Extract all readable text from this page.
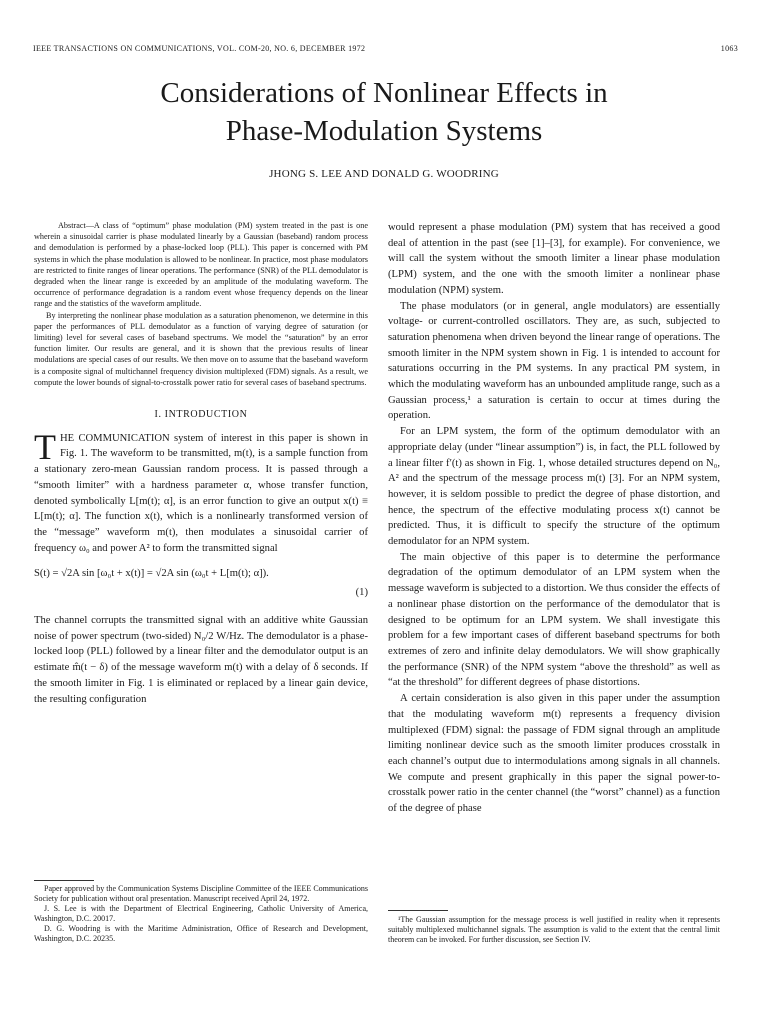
IEEE TRANSACTIONS ON COMMUNICATIONS, VOL. COM-20, NO. 6, DECEMBER 1972	1063
Considerations of Nonlinear Effects in
Phase-Modulation Systems
JHONG S. LEE AND DONALD G. WOODRING

Abstract—A class of “optimum” phase modulation (PM) system treated in the past is one wherein a sinusoidal carrier is phase modulated linearly by a Gaussian (baseband) random process and demodulation is performed by a phase-locked loop (PLL). This paper is concerned with PM systems in which the phase modulation is allowed to be nonlinear. In practice, most phase modulators are restricted to finite ranges of linear operations. The performance (SNR) of the PLL demodulator is degraded when the linear range is exceeded by an amplitude of the modulating waveform. The occurrence of performance degradation is a random event whose frequency depends on the linear range and the statistics of the waveform amplitude.

By interpreting the nonlinear phase modulation as a saturation phenomenon, we determine in this paper the performances of PLL demodulator as a function of varying degree of saturation (or limiting) level for several cases of baseband spectrums. We model the “saturation” by an error function limiter. Our results are general, and it is shown that the previous results of linear modulations are special cases of our results. We then move on to assume that the baseband waveform is a composite signal of multichannel frequency division multiplexed (FDM) signals. As a result, we compute the lower bounds of signal-to-crosstalk power ratio for several cases of baseband spectrums.

I. INTRODUCTION

T HE COMMUNICATION system of interest in this paper is shown in Fig. 1. The waveform to be transmitted, m(t), is a sample function from a stationary zero-mean Gaussian random process. It is passed through a “smooth limiter” with a hardness parameter α, whose transfer function, denoted symbolically L[m(t); α], is an error function to give an output x(t) ≡ L[m(t); α]. The function x(t), which is a nonlinearly transformed version of the “message” waveform m(t), then modulates a sinusoidal carrier of frequency ω₀ and power A² to form the transmitted signal

S(t) = √2A sin [ω₀t + x(t)] = √2A sin (ω₀t + L[m(t); α]).
(1)

The channel corrupts the transmitted signal with an additive white Gaussian noise of power spectrum (two-sided) N₀/2 W/Hz. The demodulator is a phase-locked loop (PLL) followed by a linear filter and the demodulator output is an estimate m̂(t − δ) of the message waveform m(t) with a delay of δ seconds. If the smooth limiter in Fig. 1 is eliminated or replaced by a linear gain device, the resulting configuration

would represent a phase modulation (PM) system that has received a good deal of attention in the past (see [1]–[3], for example). For convenience, we will call the system without the smooth limiter a linear phase modulation (LPM) system, and the one with the smooth limiter a nonlinear phase modulation (NPM) system.

The phase modulators (or in general, angle modulators) are essentially voltage- or current-controlled oscillators. They are, as such, subjected to saturation phenomena when driven beyond the linear range of operations. The smooth limiter in the NPM system shown in Fig. 1 is intended to account for saturations occurring in the PM systems. In any practical PM system, in which the modulating waveform has an unbounded amplitude range, such as a Gaussian process,¹ a saturation is certain to occur at times during the operation.

For an LPM system, the form of the optimum demodulator with an appropriate delay (under “linear assumption”) is, in fact, the PLL followed by a linear filter f′(t) as shown in Fig. 1, whose detailed structures depend on N₀, A² and the spectrum of the message process m(t) [3]. For an NPM system, however, it is seldom possible to predict the degree of phase distortion, and hence, the spectrum of the effective modulating process x(t) cannot be predicted. Thus, it is difficult to specify the structure of the optimum demodulator for an NPM system.

The main objective of this paper is to determine the performance degradation of the optimum demodulator of an LPM system when the message waveform is subjected to a distortion. We thus consider the effects of a nonlinear phase distortion on the performance of the demodulator that is designed to be optimum for an LPM system. We shall investigate this problem for a few important cases of different baseband spectrums for both extremes of zero and infinite delay demodulators. We will show graphically the performance (SNR) of the NPM system “above the threshold” as well as “at the threshold” for different degrees of phase distortions.

A certain consideration is also given in this paper under the assumption that the modulating waveform m(t) represents a frequency division multiplexed (FDM) signal: the passage of FDM signal through an amplitude limiting nonlinear device such as the smooth limiter produces crosstalk in each channel’s output due to intermodulations among signals in all channels. We compute and present graphically in this paper the signal power-to-crosstalk power ratio in the center channel (the “worst” channel) as a function of the degree of phase

Paper approved by the Communication Systems Discipline Committee of the IEEE Communications Society for publication without oral presentation. Manuscript received April 24, 1972.

J. S. Lee is with the Department of Electrical Engineering, Catholic University of America, Washington, D.C. 20017.

D. G. Woodring is with the Maritime Administration, Office of Research and Development, Washington, D.C. 20235.

¹The Gaussian assumption for the message process is well justified in reality when it represents suitably multiplexed multichannel signals. The assumption is valid to the extent that the central limit theorem can be invoked. For further discussion, see Section IV.
